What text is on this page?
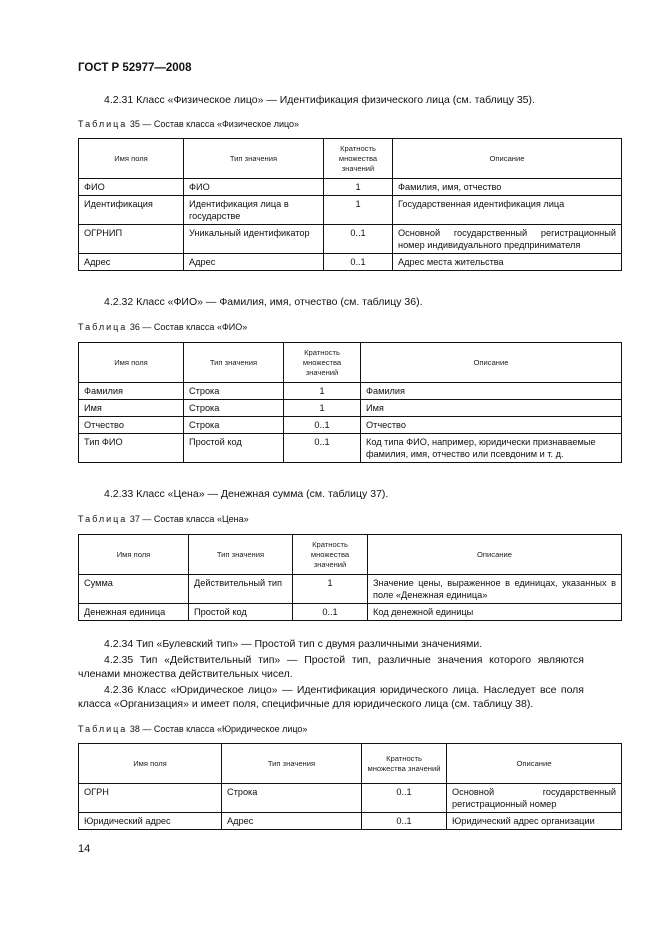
ГОСТ Р 52977—2008
4.2.31 Класс «Физическое лицо» — Идентификация физического лица (см. таблицу 35).
Таблица 35 — Состав класса «Физическое лицо»
Имя поля	Тип значения	Кратность множества значений	Описание
ФИО	ФИО	1	Фамилия, имя, отчество
Идентификация	Идентификация лица в государстве	1	Государственная идентификация лица
ОГРНИП	Уникальный идентификатор	0..1	Основной государственный регистрационный номер индивидуального предпринимателя
Адрес	Адрес	0..1	Адрес места жительства
4.2.32 Класс «ФИО» — Фамилия, имя, отчество (см. таблицу 36).
Таблица 36 — Состав класса «ФИО»
Имя поля	Тип значения	Кратность множества значений	Описание
Фамилия	Строка	1	Фамилия
Имя	Строка	1	Имя
Отчество	Строка	0..1	Отчество
Тип ФИО	Простой код	0..1	Код типа ФИО, например, юридически признаваемые фамилия, имя, отчество или псевдоним и т. д.
4.2.33 Класс «Цена» — Денежная сумма (см. таблицу 37).
Таблица 37 — Состав класса «Цена»
Имя поля	Тип значения	Кратность множества значений	Описание
Сумма	Действительный тип	1	Значение цены, выраженное в единицах, указанных в поле «Денежная единица»
Денежная единица	Простой код	0..1	Код денежной единицы
4.2.34 Тип «Булевский тип» — Простой тип с двумя различными значениями.
4.2.35 Тип «Действительный тип» — Простой тип, различные значения которого являются членами множества действительных чисел.
4.2.36 Класс «Юридическое лицо» — Идентификация юридического лица. Наследует все поля класса «Организация» и имеет поля, специфичные для юридического лица (см. таблицу 38).
Таблица 38 — Состав класса «Юридическое лицо»
Имя поля	Тип значения	Кратность множества значений	Описание
ОГРН	Строка	0..1	Основной государственный регистрационный номер
Юридический адрес	Адрес	0..1	Юридический адрес организации
14
